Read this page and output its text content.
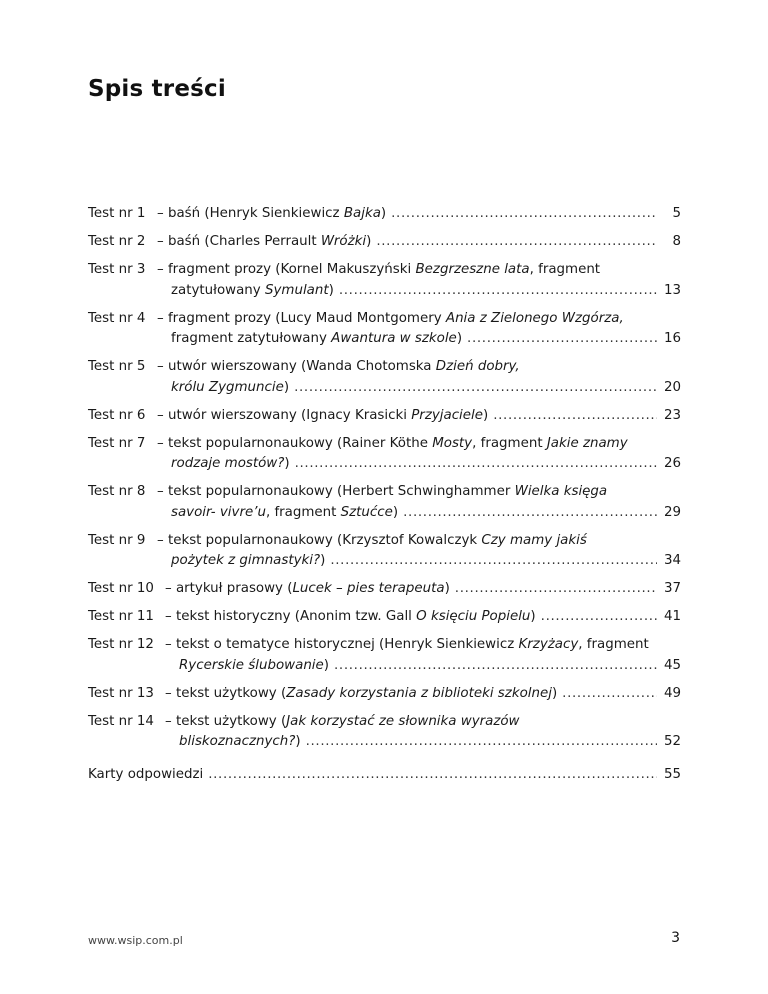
Spis treści
Test nr 1 – baśń (Henryk Sienkiewicz Bajka) . . .	5
Test nr 2 – baśń (Charles Perrault Wróżki) . . .	8
Test nr 3 – fragment prozy (Kornel Makuszyński Bezgrzeszne lata, fragment
zatytułowany Symulant) . . .	13
Test nr 4 – fragment prozy (Lucy Maud Montgomery Ania z Zielonego Wzgórza,
fragment zatytułowany Awantura w szkole) . . .	16
Test nr 5 – utwór wierszowany (Wanda Chotomska Dzień dobry,
królu Zygmuncie) . . .	20
Test nr 6 – utwór wierszowany (Ignacy Krasicki Przyjaciele) . . .	23
Test nr 7 – tekst popularnonaukowy (Rainer Köthe Mosty, fragment Jakie znamy
rodzaje mostów?) . . .	26
Test nr 8 – tekst popularnonaukowy (Herbert Schwinghammer Wielka księga
savoir- vivre’u, fragment Sztućce) . . .	29
Test nr 9 – tekst popularnonaukowy (Krzysztof Kowalczyk Czy mamy jakiś
pożytek z gimnastyki?) . . .	34
Test nr 10 – artykuł prasowy (Lucek – pies terapeuta) . . .	37
Test nr 11 – tekst historyczny (Anonim tzw. Gall O księciu Popielu) . . .	41
Test nr 12 – tekst o tematyce historycznej (Henryk Sienkiewicz Krzyżacy, fragment
Rycerskie ślubowanie) . . .	45
Test nr 13 – tekst użytkowy (Zasady korzystania z biblioteki szkolnej) . . .	49
Test nr 14 – tekst użytkowy (Jak korzystać ze słownika wyrazów
bliskoznacznych?) . . .	52
Karty odpowiedzi . . .	55
www.wsip.com.pl	3
